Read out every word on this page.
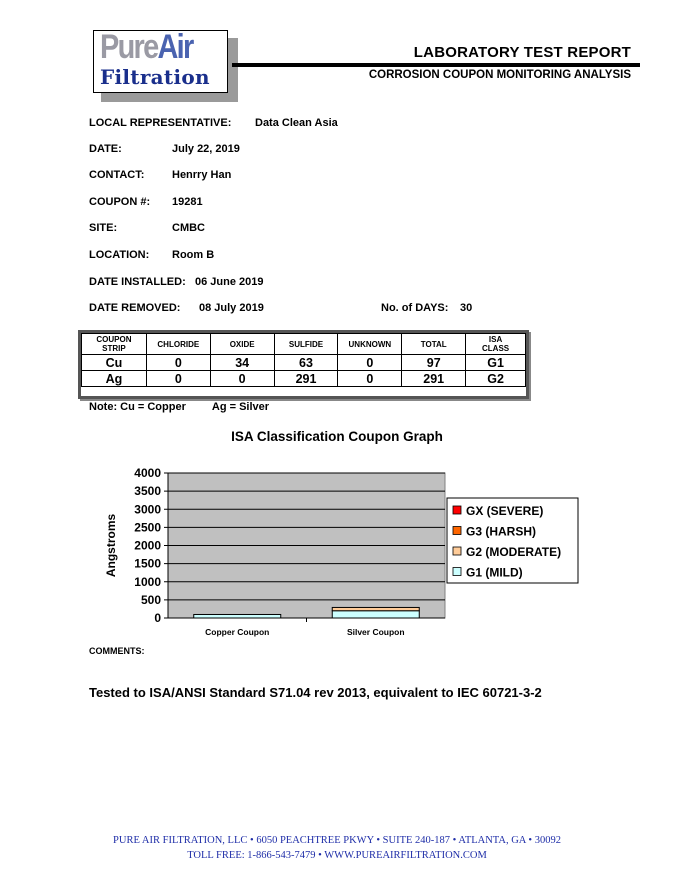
PureAir
Filtration
LABORATORY TEST REPORT
CORROSION COUPON MONITORING ANALYSIS
LOCAL REPRESENTATIVE: Data Clean Asia
DATE:	July 22, 2019
CONTACT:	Henrry Han
COUPON #: 19281
SITE:	CMBC
LOCATION: Room B
DATE INSTALLED: 06 June 2019
DATE REMOVED: 08 July 2019	No. of DAYS: 30
COUPON
STRIP	CHLORIDE	OXIDE	SULFIDE	UNKNOWN	TOTAL	ISA
CLASS
Cu	0	34	63	0	97	G1
Ag	0	0	291	0	291	G2
Note: Cu = Copper Ag = Silver
ISA Classification Coupon Graph
0
500
1000
1500
2000
2500
3000
3500
4000
Copper Coupon	Silver Coupon
Angstroms
GX (SEVERE)
G3 (HARSH)
G2 (MODERATE)
G1 (MILD)
COMMENTS:
Tested to ISA/ANSI Standard S71.04 rev 2013, equivalent to IEC 60721-3-2
PURE AIR FILTRATION, LLC • 6050 PEACHTREE PKWY • SUITE 240-187 • ATLANTA, GA • 30092
TOLL FREE: 1-866-543-7479 • WWW.PUREAIRFILTRATION.COM
